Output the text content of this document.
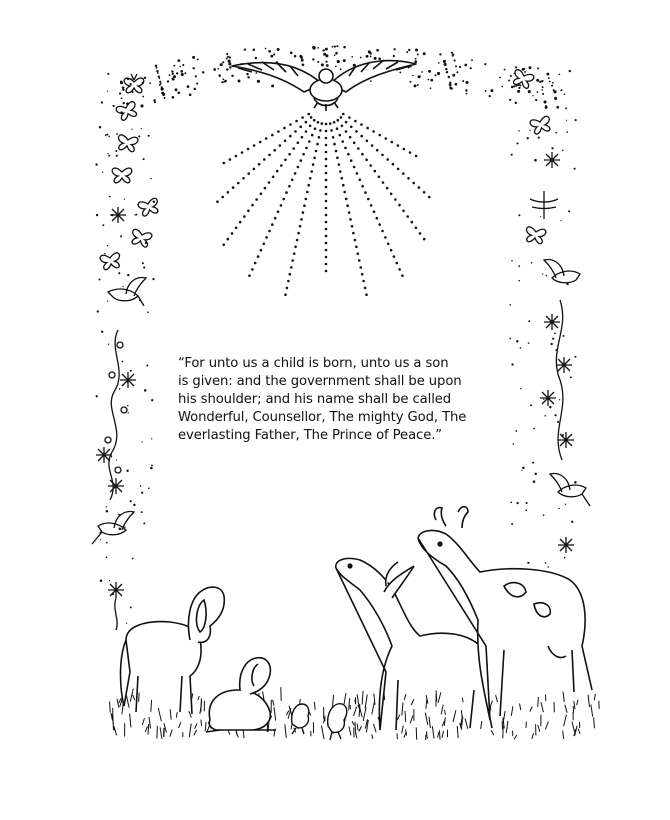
“For unto us a child is born, unto us a son
is given: and the government shall be upon
his shoulder; and his name shall be called
Wonderful, Counsellor, The mighty God, The
everlasting Father, The Prince of Peace.”
